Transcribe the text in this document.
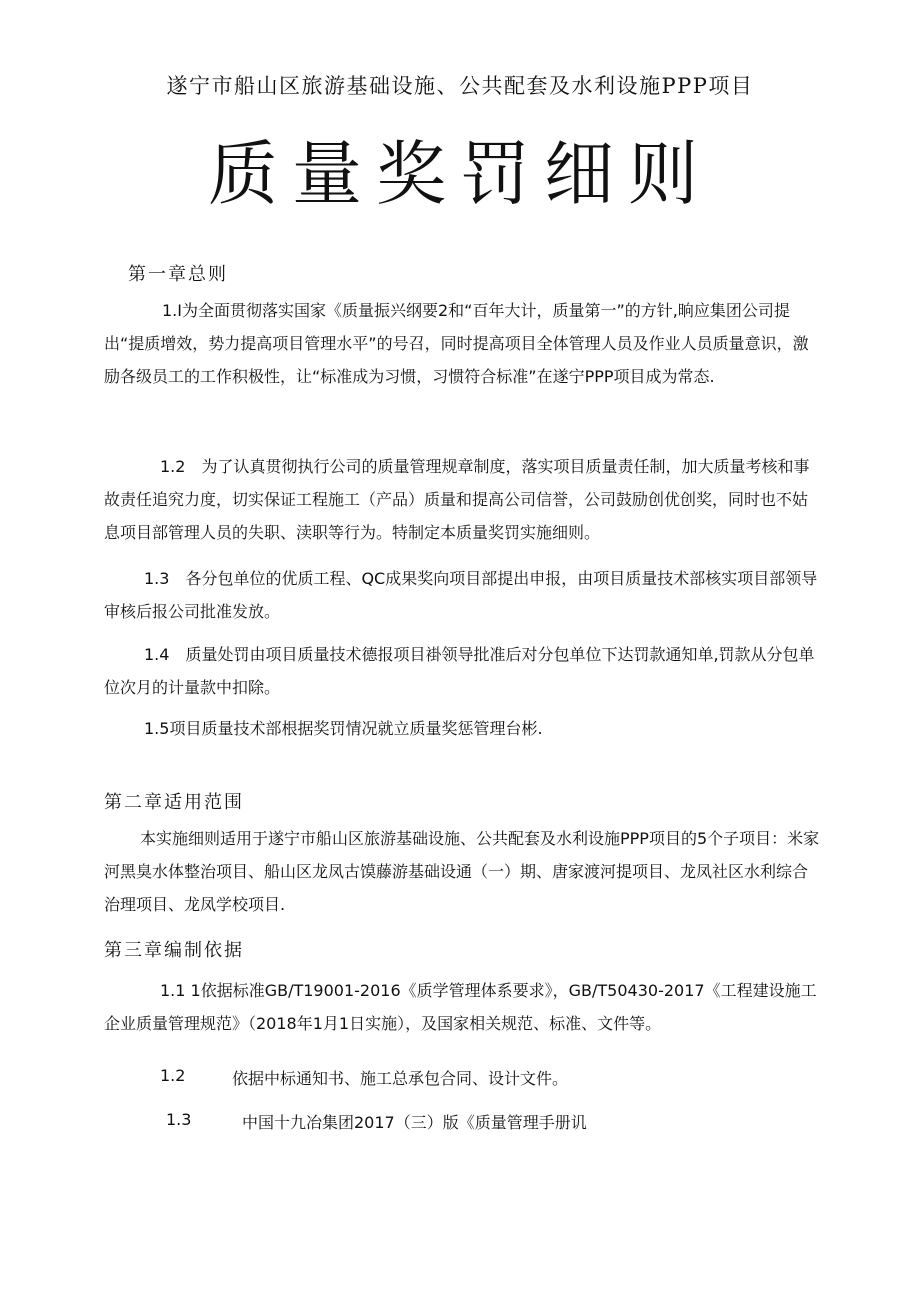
遂宁市船山区旅游基础设施、公共配套及水利设施PPP项目
质量奖罚细则
第一章总则
1.I为全面贯彻落实国家《质量振兴纲要2和“百年大计，质量第一”的方针,晌应集团公司提出“提质增效，势力提高项目管理水平”的号召，同时提高项目全体管理人员及作业人员质量意识，激励各级员工的工作积极性，让“标准成为习惯，习惯符合标准”在遂宁PPP项目成为常态.
1.2　为了认真贯彻执行公司的质量管理规章制度，落实项目质量责任制，加大质量考核和事故责任追究力度，切实保证工程施工（产品）质量和提高公司信誉，公司鼓励创优创奖，同时也不姑息项目部管理人员的失职、渎职等行为。特制定本质量奖罚实施细则。
1.3　各分包单位的优质工程、QC成果奖向项目部提出申报，由项目质量技术部核实项目部领导审核后报公司批准发放。
1.4　质量处罚由项目质量技术德报项目褂领导批准后对分包单位下达罚款通知单,罚款从分包单位次月的计量款中扣除。
1.5项目质量技术部根据奖罚情况就立质量奖惩管理台彬.
第二章适用范围
本实施细则适用于遂宁市船山区旅游基础设施、公共配套及水利设施PPP项目的5个子项目：米家河黑臭水体整治项目、船山区龙凤古馍藤游基础设通（一）期、唐家渡河提项目、龙凤社区水利综合治理项目、龙凤学校项目.
第三章编制依据
1.1 1依据标准GB/T19001-2016《质学管理体系要求》，GB/T50430-2017《工程建设施工企业质量管理规范》（2018年1月1日实施），及国家相关规范、标准、文件等。
1.2	依据中标通知书、施工总承包合同、设计文件。
1.3	中国十九冶集团2017（三）版《质量管理手册讥
